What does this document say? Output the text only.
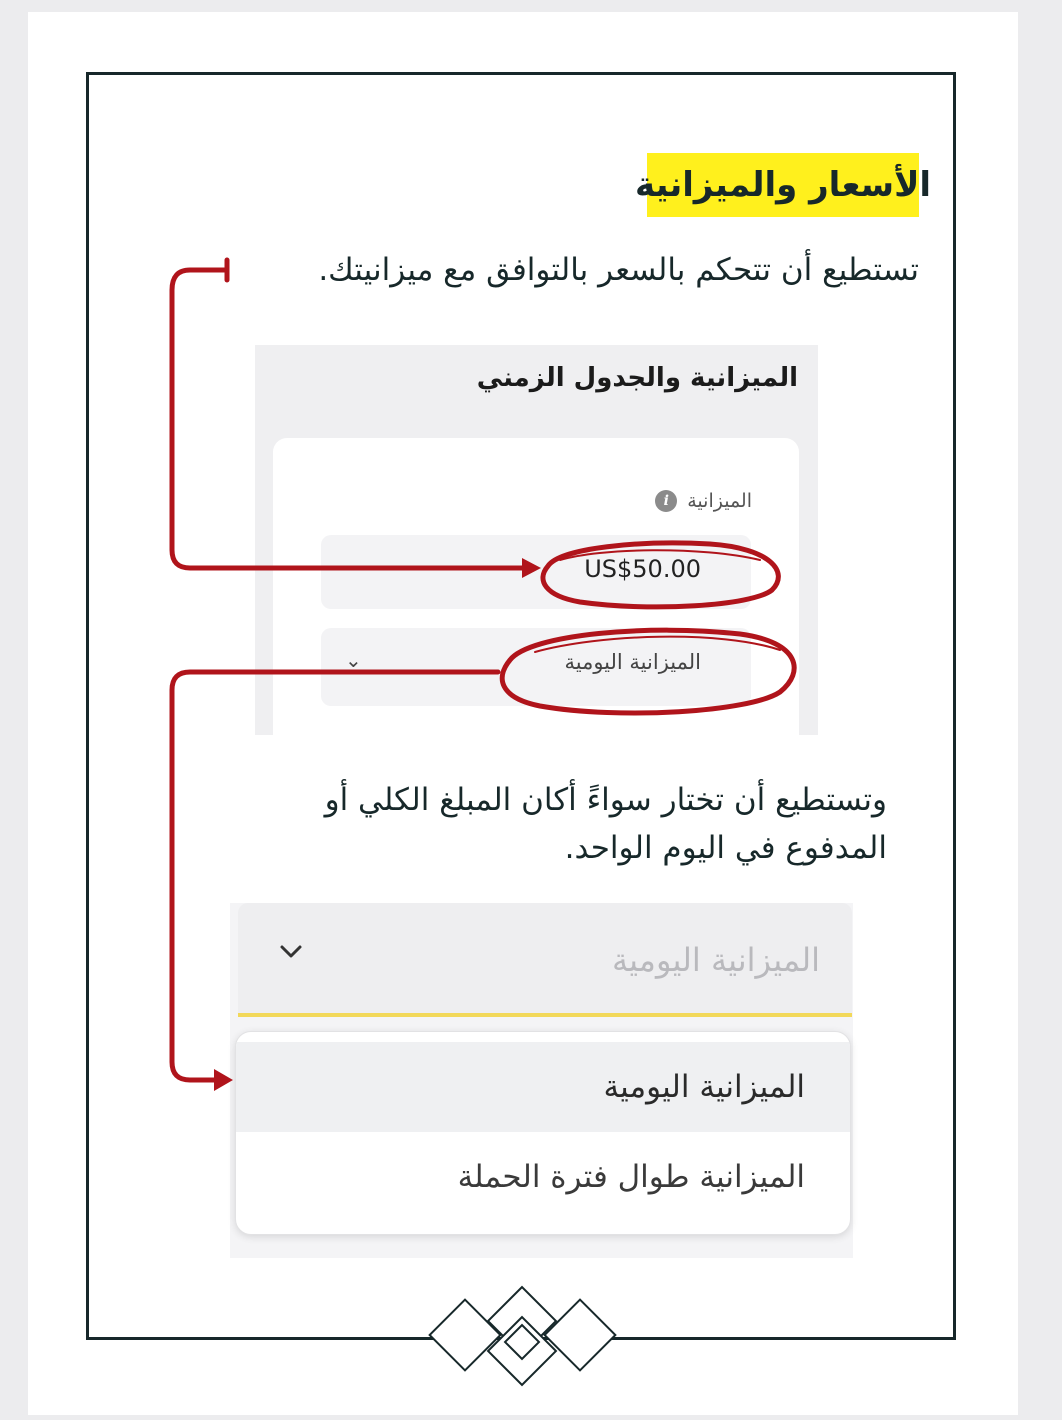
الأسعار والميزانية
تستطيع أن تتحكم بالسعر بالتوافق مع ميزانيتك.
الميزانية والجدول الزمني
الميزانية
i
US$50.00
الميزانية اليومية
⌄
وتستطيع أن تختار سواءً أكان المبلغ الكلي أو المدفوع في اليوم الواحد.
الميزانية اليومية
الميزانية اليومية
الميزانية طوال فترة الحملة
